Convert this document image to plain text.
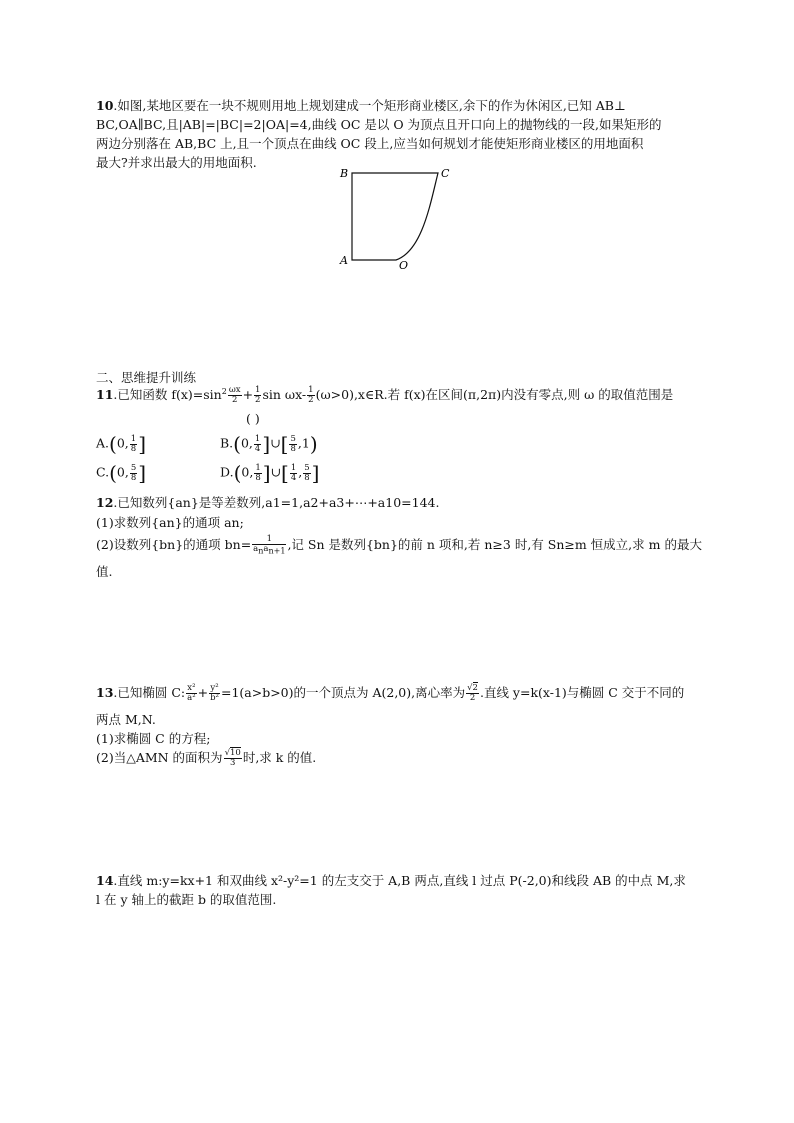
10.如图,某地区要在一块不规则用地上规划建成一个矩形商业楼区,余下的作为休闲区,已知 AB⊥
BC,OA∥BC,且|AB|=|BC|=2|OA|=4,曲线 OC 是以 O 为顶点且开口向上的抛物线的一段,如果矩形的
两边分别落在 AB,BC 上,且一个顶点在曲线 OC 段上,应当如何规划才能使矩形商业楼区的用地面积
最大?并求出最大的用地面积.
B	C
A	O
二、思维提升训练
11.已知函数 $f(x)=\sin^2 \frac{\omega x}{2} + \frac{1}{2}$ $\sin \omega x- \frac{1}{2}$ (ω>0),x∈R.若 f(x)在区间(π,2π)内没有零点,则 ω 的取值范围是
( )
A.(0, $\frac{1}{8}$ ]	B.(0, $\frac{1}{4}$ ]∪[ $\frac{5}{8} ,1$)
C.(0, $\frac{5}{8}$ ]	D.(0, $\frac{1}{8}$ ]∪[ $\frac{1}{4}$ , $\frac{5}{8}$ ]
12.已知数列{an}是等差数列,a1=1,a2+a3+⋯+a10=144.
(1)求数列{an}的通项 an;
(2)设数列{bn}的通项 $bn= \frac{1}{a_na_{n+1}}$ ,记 Sn 是数列{bn}的前 n 项和,若 n≥3 时,有 Sn≥m 恒成立,求 m 的最大
值.
13.已知椭圆 C: $\frac{\text{x²}}{\text{a²}} + \frac{\text{y²}}{\text{b²}} =1(a>b>0)$的一个顶点为 A(2,0),离心率为 $\frac{√2}{2}$ .直线 y=k(x-1)与椭圆 C 交于不同的
两点 M,N.
(1)求椭圆 C 的方程;
(2)当△AMN 的面积为 $\frac{√10}{3}$ 时,求 k 的值.
14.直线 m:y=kx+1 和双曲线 x²-y²=1 的左支交于 A,B 两点,直线 l 过点 P(-2,0)和线段 AB 的中点 M,求
l 在 y 轴上的截距 b 的取值范围.
